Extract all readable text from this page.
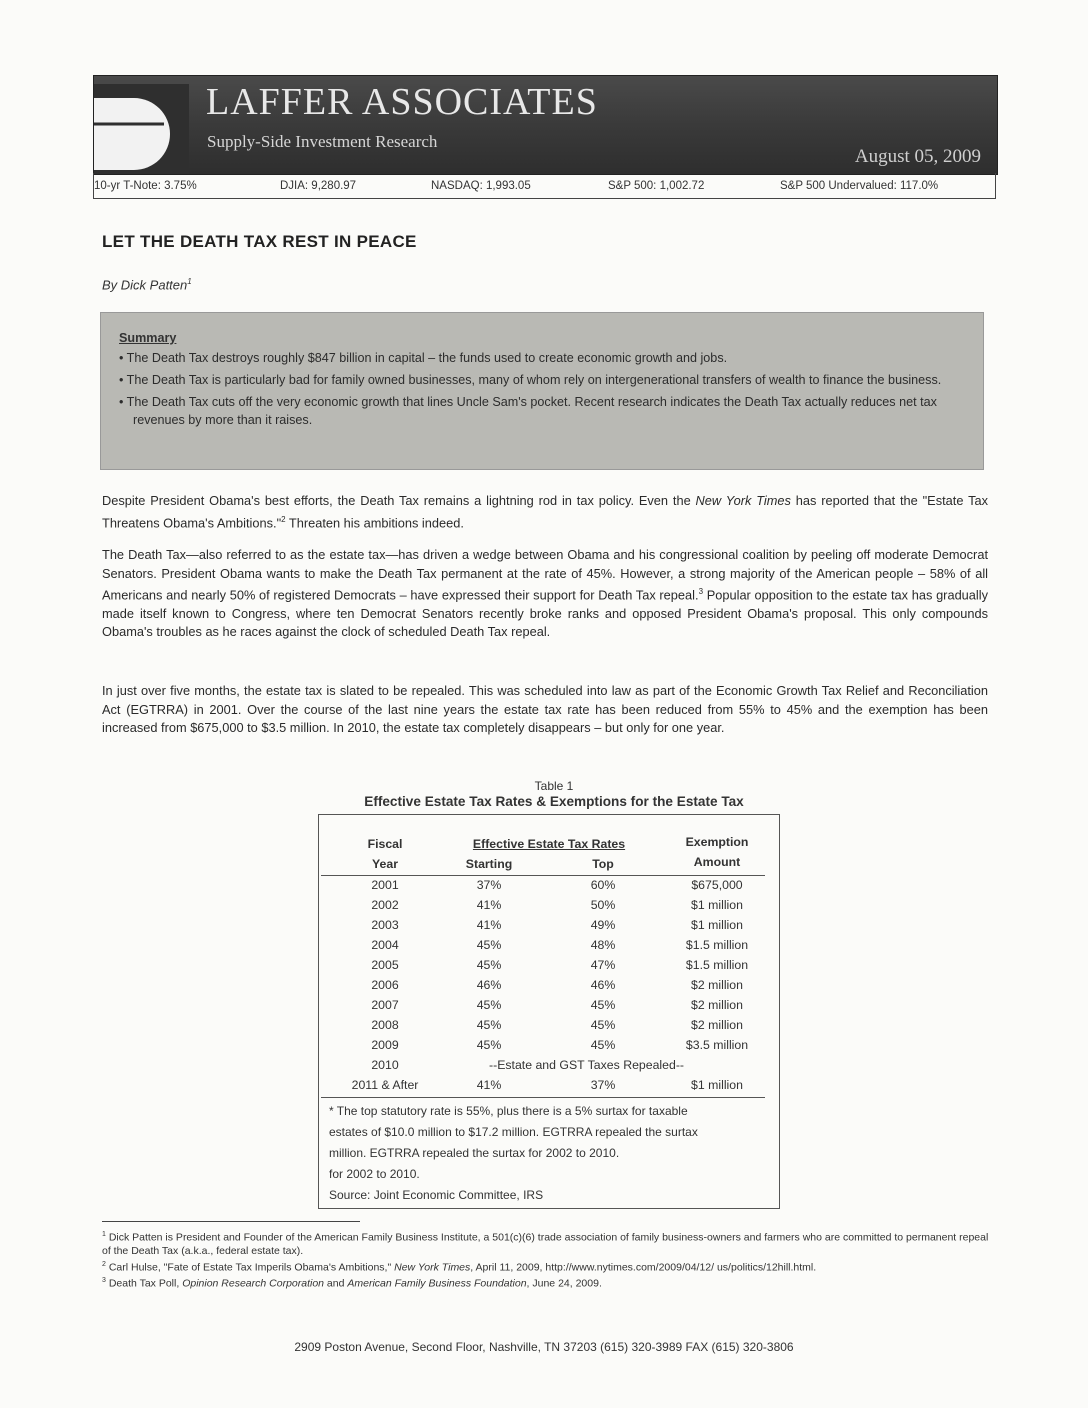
LAFFER ASSOCIATES
Supply-Side Investment Research
August 05, 2009
10-yr T-Note: 3.75%	DJIA: 9,280.97	NASDAQ: 1,993.05	S&P 500: 1,002.72	S&P 500 Undervalued: 117.0%
LET THE DEATH TAX REST IN PEACE
By Dick Patten$^1$
Summary
• The Death Tax destroys roughly $847 billion in capital – the funds used to create economic growth and jobs.
• The Death Tax is particularly bad for family owned businesses, many of whom rely on intergenerational transfers of wealth to finance the business.
• The Death Tax cuts off the very economic growth that lines Uncle Sam's pocket. Recent research indicates the Death Tax actually reduces net tax revenues by more than it raises.

Despite President Obama's best efforts, the Death Tax remains a lightning rod in tax policy. Even the New York Times has reported that the "Estate Tax Threatens Obama's Ambitions."$^2$ Threaten his ambitions indeed.

The Death Tax—also referred to as the estate tax—has driven a wedge between Obama and his congressional coalition by peeling off moderate Democrat Senators. President Obama wants to make the Death Tax permanent at the rate of 45%. However, a strong majority of the American people – 58% of all Americans and nearly 50% of registered Democrats – have expressed their support for Death Tax repeal.$^3$ Popular opposition to the estate tax has gradually made itself known to Congress, where ten Democrat Senators recently broke ranks and opposed President Obama's proposal. This only compounds Obama's troubles as he races against the clock of scheduled Death Tax repeal.

In just over five months, the estate tax is slated to be repealed. This was scheduled into law as part of the Economic Growth Tax Relief and Reconciliation Act (EGTRRA) in 2001. Over the course of the last nine years the estate tax rate has been reduced from 55% to 45% and the exemption has been increased from $675,000 to $3.5 million. In 2010, the estate tax completely disappears – but only for one year.

Table 1
Effective Estate Tax Rates & Exemptions for the Estate Tax
Fiscal
Year
Effective Estate Tax Rates
Starting	Top
Exemption
Amount
2001	37%	60%	$675,000
2002	41%	50%	$1 million
2003	41%	49%	$1 million
2004	45%	48%	$1.5 million
2005	45%	47%	$1.5 million
2006	46%	46%	$2 million
2007	45%	45%	$2 million
2008	45%	45%	$2 million
2009	45%	45%	$3.5 million
2010	--Estate and GST Taxes Repealed--
2011 & After	41%	37%	$1 million
* The top statutory rate is 55%, plus there is a 5% surtax for taxable
estates of $10.0 million to $17.2 million. EGTRRA repealed the surtax
million. EGTRRA repealed the surtax for 2002 to 2010.
for 2002 to 2010.
Source: Joint Economic Committee, IRS

$^1$ Dick Patten is President and Founder of the American Family Business Institute, a 501(c)(6) trade association of family business-owners and farmers who are committed to permanent repeal of the Death Tax (a.k.a., federal estate tax).

$^2$ Carl Hulse, "Fate of Estate Tax Imperils Obama's Ambitions," New York Times, April 11, 2009, http://www.nytimes.com/2009/04/12/ us/politics/12hill.html.

$^3$ Death Tax Poll, Opinion Research Corporation and American Family Business Foundation, June 24, 2009.

2909 Poston Avenue, Second Floor, Nashville, TN 37203 (615) 320-3989 FAX (615) 320-3806
